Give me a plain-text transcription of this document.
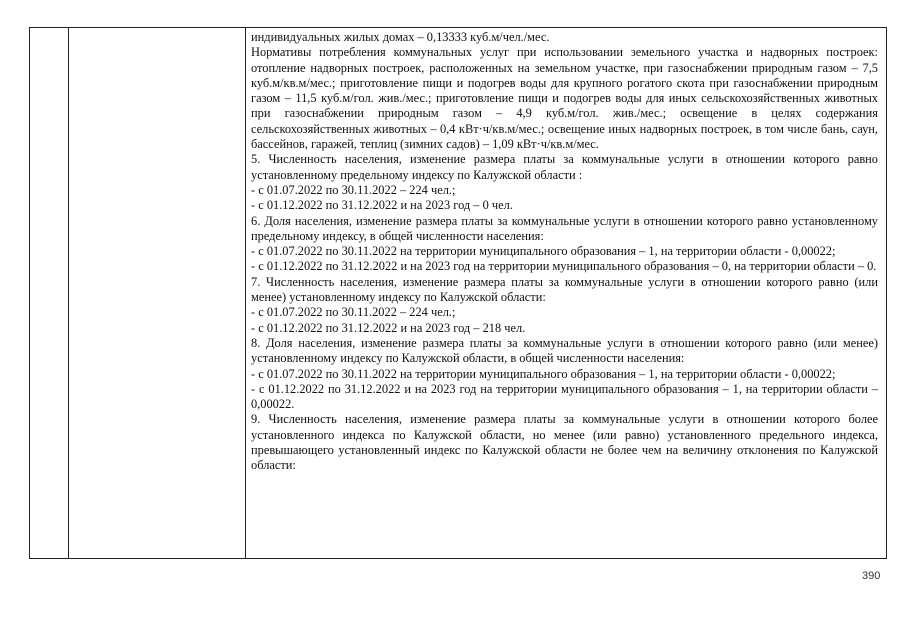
индивидуальных жилых домах – 0,13333 куб.м/чел./мес.

Нормативы потребления коммунальных услуг при использовании земельного участка и надворных построек: отопление надворных построек, расположенных на земельном участке, при газоснабжении природным газом – 7,5 куб.м/кв.м/мес.; приготовление пищи и подогрев воды для крупного рогатого скота при газоснабжении природным газом – 11,5 куб.м/гол. жив./мес.; приготовление пищи и подогрев воды для иных сельскохозяйственных животных при газоснабжении природным газом – 4,9 куб.м/гол. жив./мес.; освещение в целях содержания сельскохозяйственных животных – 0,4 кВт·ч/кв.м/мес.; освещение иных надворных построек, в том числе бань, саун, бассейнов, гаражей, теплиц (зимних садов) – 1,09 кВт·ч/кв.м/мес.

5. Численность населения, изменение размера платы за коммунальные услуги в отношении которого равно установленному предельному индексу по Калужской области :

- с 01.07.2022 по 30.11.2022 – 224 чел.;

- с 01.12.2022 по 31.12.2022 и на 2023 год – 0 чел.

6. Доля населения, изменение размера платы за коммунальные услуги в отношении которого равно установленному предельному индексу, в общей численности населения:

- с 01.07.2022 по 30.11.2022 на территории муниципального образования – 1, на территории области - 0,00022;

- с 01.12.2022 по 31.12.2022 и на 2023 год на территории муниципального образования – 0, на территории области – 0.

7. Численность населения, изменение размера платы за коммунальные услуги в отношении которого равно (или менее) установленному индексу по Калужской области:

- с 01.07.2022 по 30.11.2022 – 224 чел.;

- с 01.12.2022 по 31.12.2022 и на 2023 год – 218 чел.

8. Доля населения, изменение размера платы за коммунальные услуги в отношении которого равно (или менее) установленному индексу по Калужской области, в общей численности населения:

- с 01.07.2022 по 30.11.2022 на территории муниципального образования – 1, на территории области - 0,00022;

- с 01.12.2022 по 31.12.2022 и на 2023 год на территории муниципального образования – 1, на территории области – 0,00022.

9. Численность населения, изменение размера платы за коммунальные услуги в отношении которого более установленного индекса по Калужской области, но менее (или равно) установленного предельного индекса, превышающего установленный индекс по Калужской области не более чем на величину отклонения по Калужской области:

390
